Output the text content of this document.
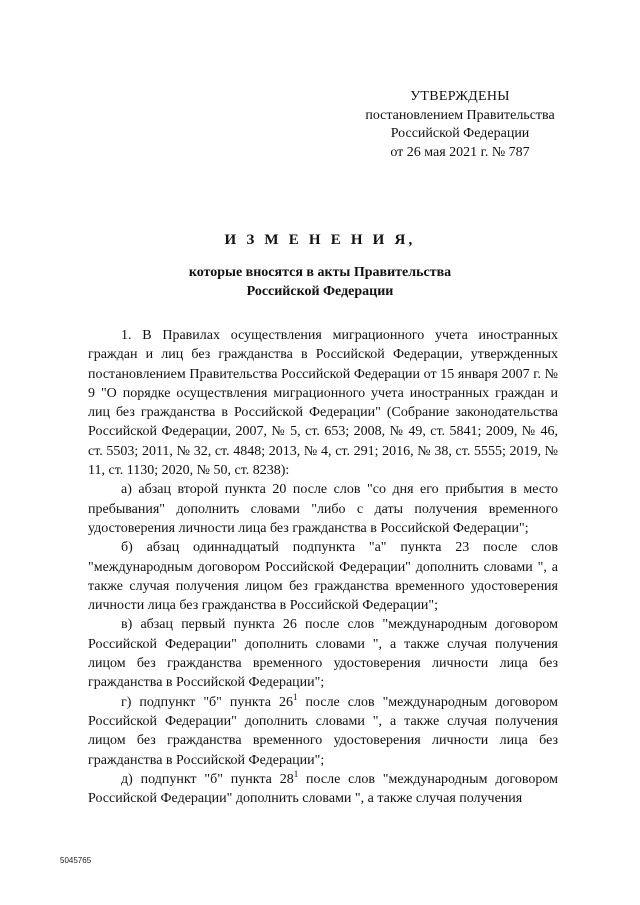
УТВЕРЖДЕНЫ
постановлением Правительства
Российской Федерации
от 26 мая 2021 г. № 787
И З М Е Н Е Н И Я,
которые вносятся в акты Правительства
Российской Федерации

1. В Правилах осуществления миграционного учета иностранных граждан и лиц без гражданства в Российской Федерации, утвержденных постановлением Правительства Российской Федерации от 15 января 2007 г. № 9 "О порядке осуществления миграционного учета иностранных граждан и лиц без гражданства в Российской Федерации" (Собрание законодательства Российской Федерации, 2007, № 5, ст. 653; 2008, № 49, ст. 5841; 2009, № 46, ст. 5503; 2011, № 32, ст. 4848; 2013, № 4, ст. 291; 2016, № 38, ст. 5555; 2019, № 11, ст. 1130; 2020, № 50, ст. 8238):

а) абзац второй пункта 20 после слов "со дня его прибытия в место пребывания" дополнить словами "либо с даты получения временного удостоверения личности лица без гражданства в Российской Федерации";

б) абзац одиннадцатый подпункта "а" пункта 23 после слов "международным договором Российской Федерации" дополнить словами ", а также случая получения лицом без гражданства временного удостоверения личности лица без гражданства в Российской Федерации";

в) абзац первый пункта 26 после слов "международным договором Российской Федерации" дополнить словами ", а также случая получения лицом без гражданства временного удостоверения личности лица без гражданства в Российской Федерации";

г) подпункт "б" пункта $26^1$ после слов "международным договором Российской Федерации" дополнить словами ", а также случая получения лицом без гражданства временного удостоверения личности лица без гражданства в Российской Федерации";

д) подпункт "б" пункта $28^1$ после слов "международным договором Российской Федерации" дополнить словами ", а также случая получения

5045765
